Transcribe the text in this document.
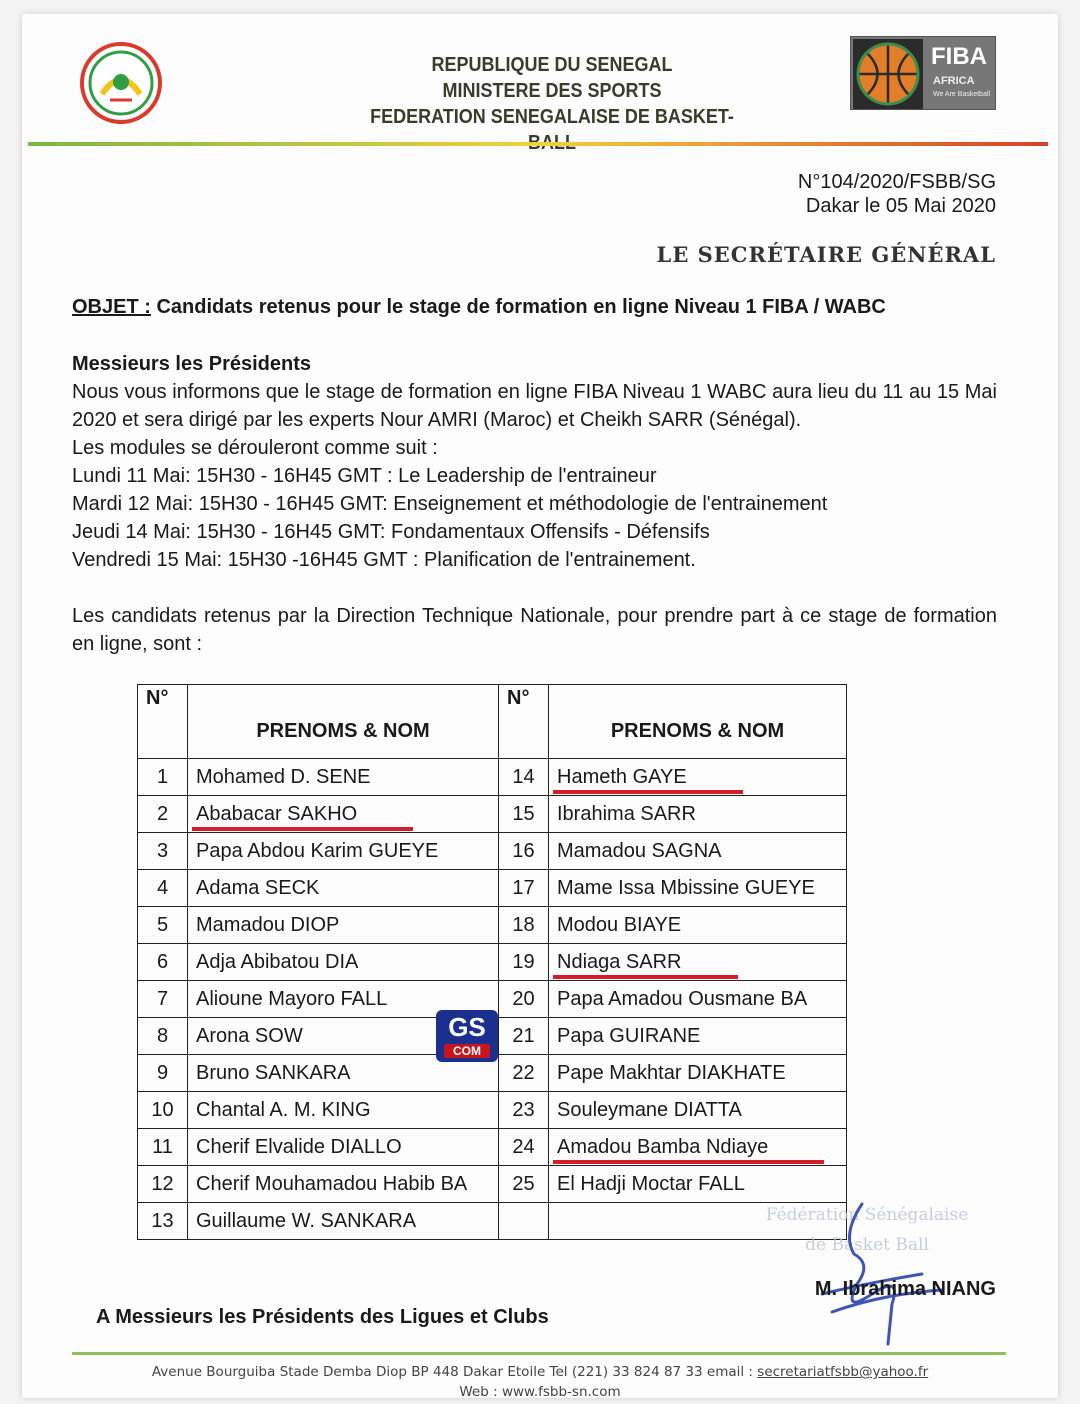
REPUBLIQUE DU SENEGAL
MINISTERE DES SPORTS
FEDERATION SENEGALAISE DE BASKET-
FIBA
AFRICA
We Are Basketball
N°104/2020/FSBB/SG
Dakar le 05 Mai 2020
LE SECRÉTAIRE GÉNÉRAL
OBJET : Candidats retenus pour le stage de formation en ligne Niveau 1 FIBA / WABC
Messieurs les Présidents
Nous vous informons que le stage de formation en ligne FIBA Niveau 1 WABC aura lieu du 11 au 15 Mai 2020 et sera dirigé par les experts Nour AMRI (Maroc) et Cheikh SARR (Sénégal).
Les modules se dérouleront comme suit :
Lundi 11 Mai: 15H30 - 16H45 GMT : Le Leadership de l'entraineur
Mardi 12 Mai: 15H30 - 16H45 GMT: Enseignement et méthodologie de l'entrainement
Jeudi 14 Mai: 15H30 - 16H45 GMT: Fondamentaux Offensifs - Défensifs
Vendredi 15 Mai: 15H30 -16H45 GMT : Planification de l'entrainement.
Les candidats retenus par la Direction Technique Nationale, pour prendre part à ce stage de formation en ligne, sont :
N°	PRENOMS & NOM	N°	PRENOMS & NOM
1	Mohamed D. SENE	14	Hameth GAYE
2	Ababacar SAKHO	15	Ibrahima SARR
3	Papa Abdou Karim GUEYE	16	Mamadou SAGNA
4	Adama SECK	17	Mame Issa Mbissine GUEYE
5	Mamadou DIOP	18	Modou BIAYE
6	Adja Abibatou DIA	19	Ndiaga SARR
7	Alioune Mayoro FALL	20	Papa Amadou Ousmane BA
8	Arona SOW	21	Papa GUIRANE
9	Bruno SANKARA	22	Pape Makhtar DIAKHATE
10	Chantal A. M. KING	23	Souleymane DIATTA
11	Cherif Elvalide DIALLO	24	Amadou Bamba Ndiaye
12	Cherif Mouhamadou Habib BA	25	El Hadji Moctar FALL
13	Guillaume W. SANKARA		
GS
COM
Fédération Sénégalaise
de Basket Ball
M. Ibrahima NIANG
A Messieurs les Présidents des Ligues et Clubs
Avenue Bourguiba Stade Demba Diop BP 448 Dakar Etoile Tel (221) 33 824 87 33 email : secretariatfsbb@yahoo.fr
Web : www.fsbb-sn.com
